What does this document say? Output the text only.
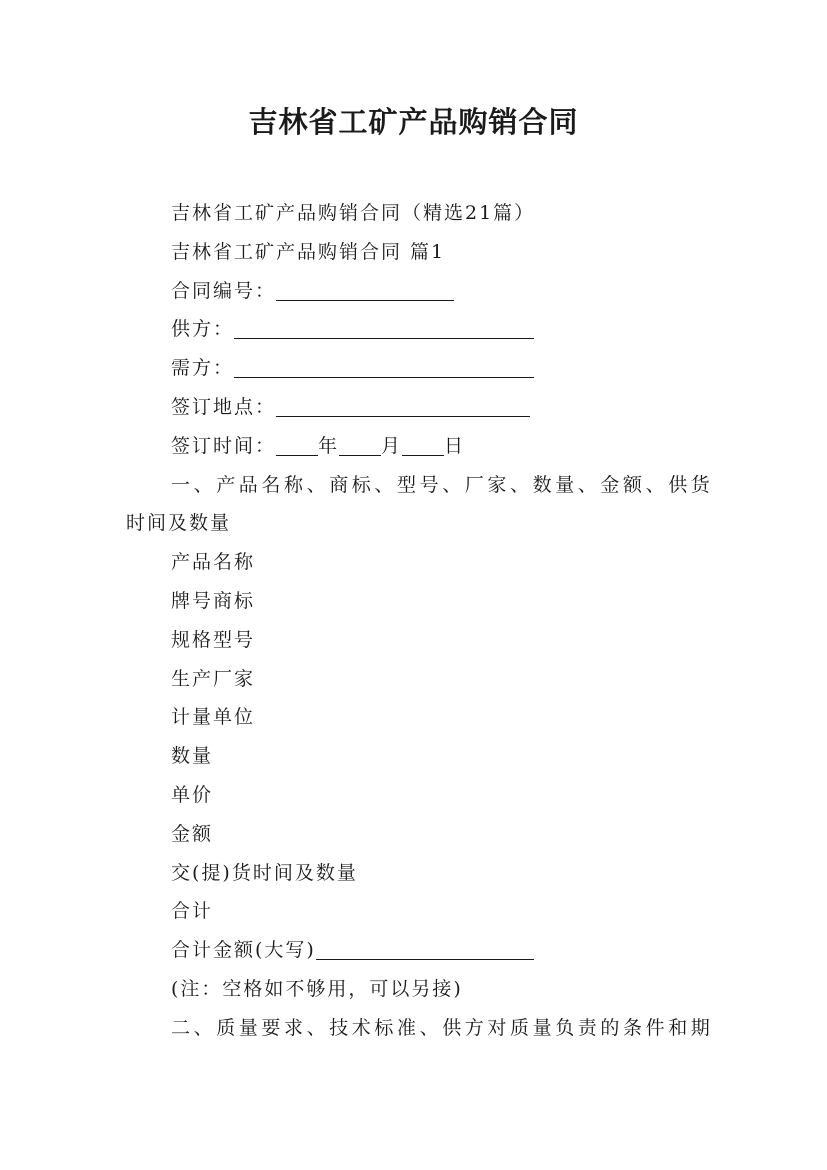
吉林省工矿产品购销合同
吉林省工矿产品购销合同（精选21篇）
吉林省工矿产品购销合同 篇1
合同编号：
供方：
需方：
签订地点：
签订时间： 年 月 日
一、产品名称、商标、型号、厂家、数量、金额、供货
时间及数量
产品名称
牌号商标
规格型号
生产厂家
计量单位
数量
单价
金额
交(提)货时间及数量
合计
合计金额(大写)
(注：空格如不够用，可以另接)
二、质量要求、技术标准、供方对质量负责的条件和期
